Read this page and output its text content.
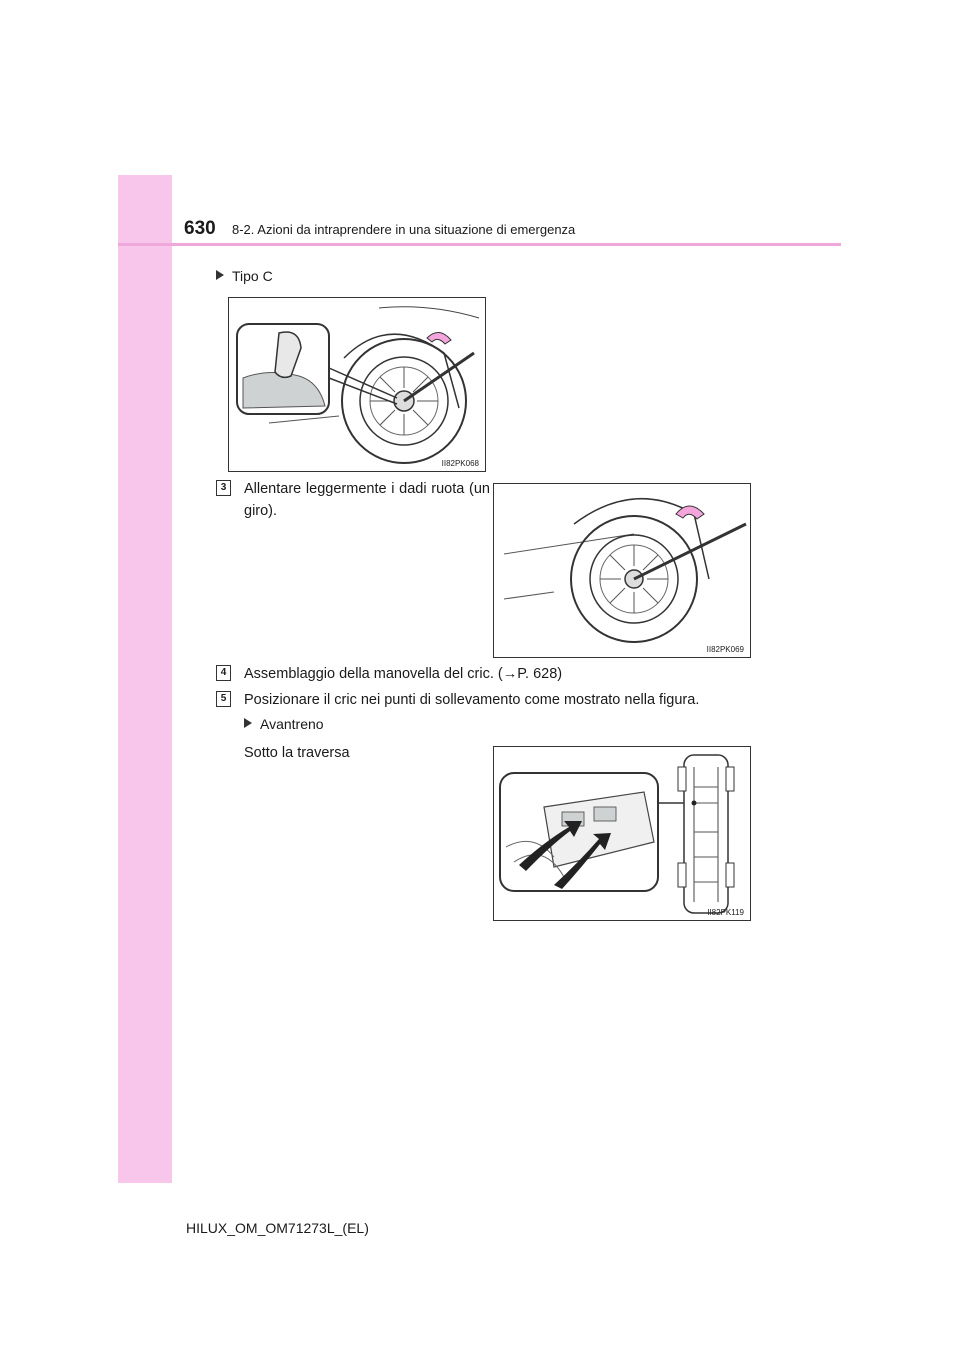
630 8-2. Azioni da intraprendere in una situazione di emergenza
Tipo C
II82PK068
3	Allentare leggermente i dadi ruota (un giro).
II82PK069
4	Assemblaggio della manovella del cric. (→P. 628)
5	Posizionare il cric nei punti di sollevamento come mostrato nella figura.
Avantreno
Sotto la traversa
II82PK119
HILUX_OM_OM71273L_(EL)
